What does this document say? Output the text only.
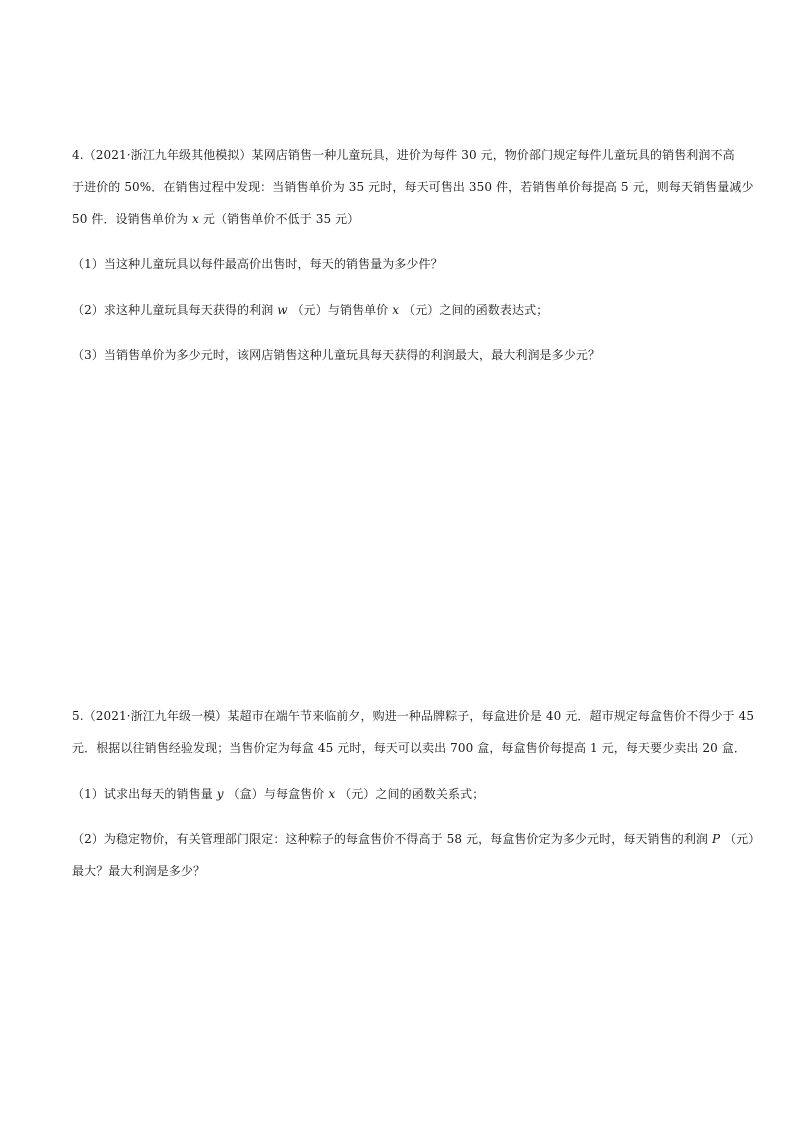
4.（2021·浙江九年级其他模拟）某网店销售一种儿童玩具，进价为每件 30 元，物价部门规定每件儿童玩具的销售利润不高
于进价的 50%．在销售过程中发现：当销售单价为 35 元时，每天可售出 350 件，若销售单价每提高 5 元，则每天销售量减少
50 件．设销售单价为 x 元（销售单价不低于 35 元）
（1）当这种儿童玩具以每件最高价出售时，每天的销售量为多少件？
（2）求这种儿童玩具每天获得的利润 w （元）与销售单价 x （元）之间的函数表达式；
（3）当销售单价为多少元时，该网店销售这种儿童玩具每天获得的利润最大，最大利润是多少元？
5.（2021·浙江九年级一模）某超市在端午节来临前夕，购进一种品牌粽子，每盒进价是 40 元．超市规定每盒售价不得少于 45
元．根据以往销售经验发现；当售价定为每盒 45 元时，每天可以卖出 700 盒，每盒售价每提高 1 元，每天要少卖出 20 盒．
（1）试求出每天的销售量 y （盒）与每盒售价 x （元）之间的函数关系式；
（2）为稳定物价，有关管理部门限定：这种粽子的每盒售价不得高于 58 元，每盒售价定为多少元时，每天销售的利润 P （元）
最大？最大利润是多少？
